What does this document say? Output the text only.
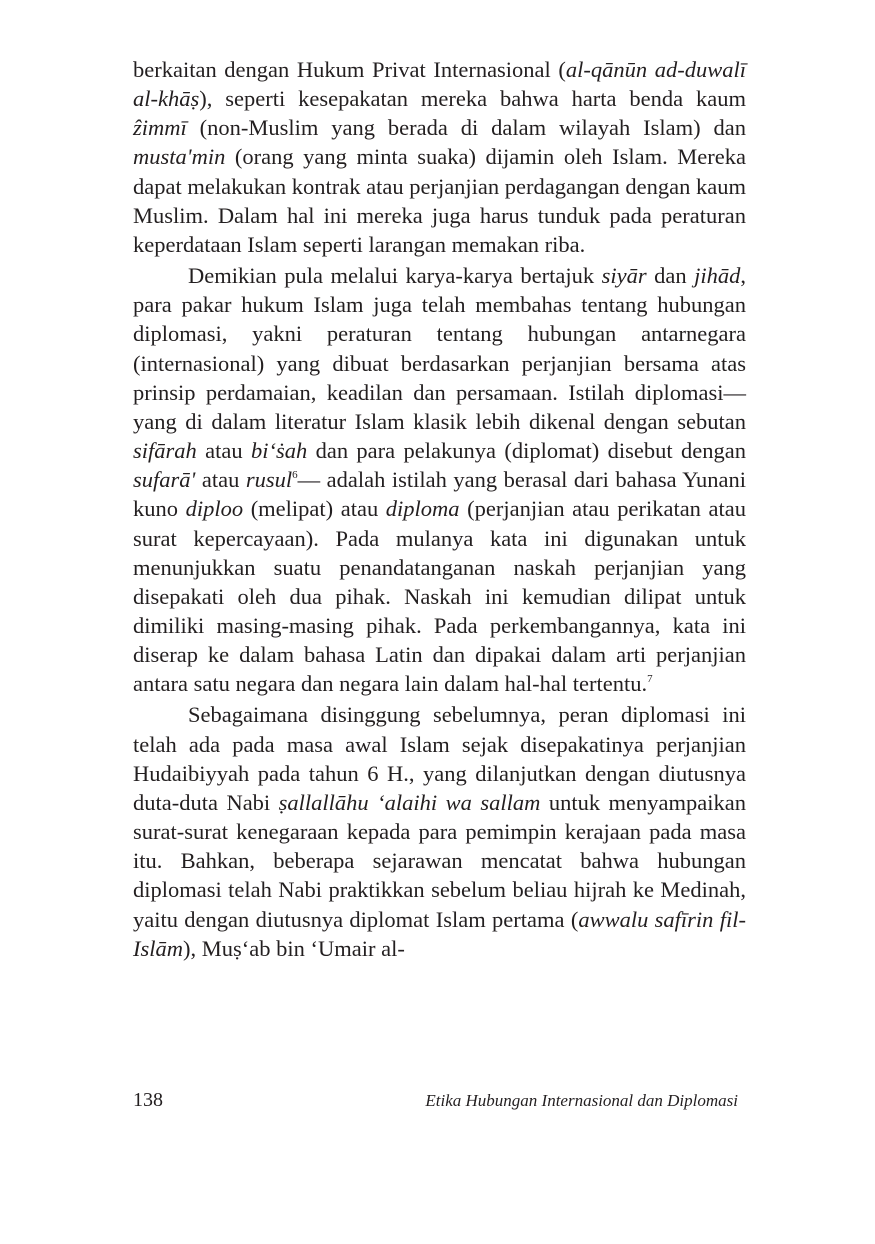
berkaitan dengan Hukum Privat Internasional (al-qānūn ad-duwalī al-khāṣ), seperti kesepakatan mereka bahwa harta benda kaum ẑimmī (non-Muslim yang berada di dalam wilayah Islam) dan musta'min (orang yang minta suaka) dijamin oleh Islam. Mereka dapat melakukan kontrak atau perjanjian perdagangan dengan kaum Muslim. Dalam hal ini mereka juga harus tunduk pada peraturan keperdataan Islam seperti larangan memakan riba.

Demikian pula melalui karya-karya bertajuk siyār dan jihād, para pakar hukum Islam juga telah membahas tentang hubungan diplomasi, yakni peraturan tentang hubungan antarnegara (internasional) yang dibuat berdasarkan perjanjian bersama atas prinsip perdamaian, keadilan dan persamaan. Istilah diplomasi—yang di dalam literatur Islam klasik lebih dikenal dengan sebutan sifārah atau bi‘ṡah dan para pelakunya (diplomat) disebut dengan sufarā' atau rusul$^6$— adalah istilah yang berasal dari bahasa Yunani kuno diploo (melipat) atau diploma (perjanjian atau perikatan atau surat kepercayaan). Pada mulanya kata ini digunakan untuk menunjukkan suatu penandatanganan naskah perjanjian yang disepakati oleh dua pihak. Naskah ini kemudian dilipat untuk dimiliki masing-masing pihak. Pada perkembangannya, kata ini diserap ke dalam bahasa Latin dan dipakai dalam arti perjanjian antara satu negara dan negara lain dalam hal-hal tertentu.$^7$

Sebagaimana disinggung sebelumnya, peran diplomasi ini telah ada pada masa awal Islam sejak disepakatinya perjanjian Hudaibiyyah pada tahun 6 H., yang dilanjutkan dengan diutusnya duta-duta Nabi ṣallallāhu ‘alaihi wa sallam untuk menyampaikan surat-surat kenegaraan kepada para pemimpin kerajaan pada masa itu. Bahkan, beberapa sejarawan mencatat bahwa hubungan diplomasi telah Nabi praktikkan sebelum beliau hijrah ke Medinah, yaitu dengan diutusnya diplomat Islam pertama (awwalu safīrin fil-Islām), Muṣ‘ab bin ‘Umair al-

138	Etika Hubungan Internasional dan Diplomasi
